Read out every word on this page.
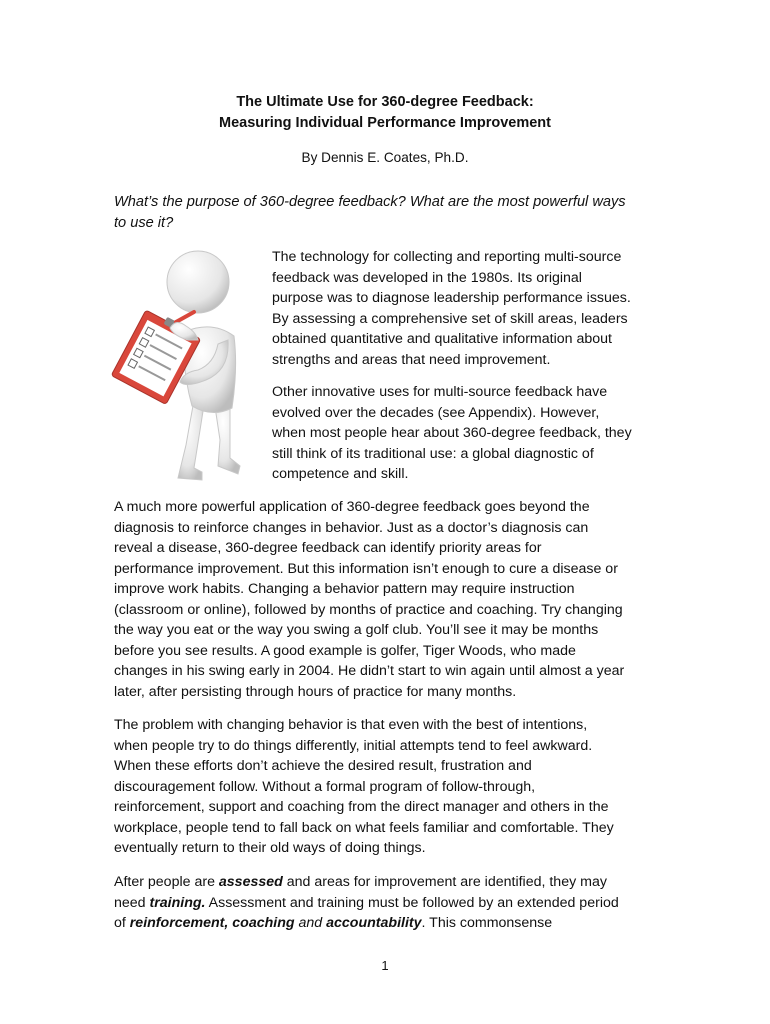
The Ultimate Use for 360-degree Feedback:
Measuring Individual Performance Improvement
By Dennis E. Coates, Ph.D.
What’s the purpose of 360-degree feedback? What are the most powerful ways
to use it?
The technology for collecting and reporting multi-source
feedback was developed in the 1980s. Its original
purpose was to diagnose leadership performance issues.
By assessing a comprehensive set of skill areas, leaders
obtained quantitative and qualitative information about
strengths and areas that need improvement.
Other innovative uses for multi-source feedback have
evolved over the decades (see Appendix). However,
when most people hear about 360-degree feedback, they
still think of its traditional use: a global diagnostic of
competence and skill.
A much more powerful application of 360-degree feedback goes beyond the
diagnosis to reinforce changes in behavior. Just as a doctor’s diagnosis can
reveal a disease, 360-degree feedback can identify priority areas for
performance improvement. But this information isn’t enough to cure a disease or
improve work habits. Changing a behavior pattern may require instruction
(classroom or online), followed by months of practice and coaching. Try changing
the way you eat or the way you swing a golf club. You’ll see it may be months
before you see results. A good example is golfer, Tiger Woods, who made
changes in his swing early in 2004. He didn’t start to win again until almost a year
later, after persisting through hours of practice for many months.
The problem with changing behavior is that even with the best of intentions,
when people try to do things differently, initial attempts tend to feel awkward.
When these efforts don’t achieve the desired result, frustration and
discouragement follow. Without a formal program of follow-through,
reinforcement, support and coaching from the direct manager and others in the
workplace, people tend to fall back on what feels familiar and comfortable. They
eventually return to their old ways of doing things.
After people are assessed and areas for improvement are identified, they may
need training. Assessment and training must be followed by an extended period
of reinforcement, coaching and accountability. This commonsense
1
